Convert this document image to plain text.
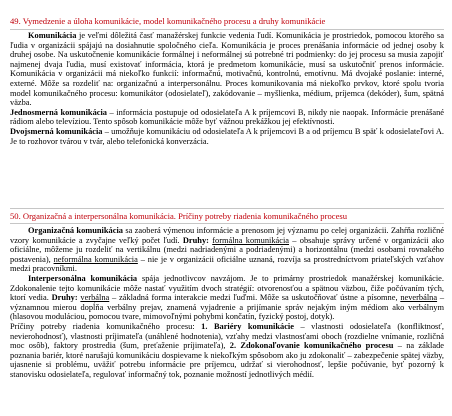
49. Vymedzenie a úloha komunikácie, model komunikačného procesu a druhy komunikácie

Komunikácia je veľmi dôležitá časť manažérskej funkcie vedenia ľudí. Komunikácia je prostriedok, pomocou ktorého sa ľudia v organizácii spájajú na dosiahnutie spoločného cieľa. Komunikácia je proces prenášania informácie od jednej osoby k druhej osobe. Na uskutočnenie komunikácie formálnej i neformálnej sú potrebné tri podmienky: do jej procesu sa musia zapojiť najmenej dvaja ľudia, musí existovať informácia, ktorá je predmetom komunikácie, musí sa uskutočniť prenos informácie. Komunikácia v organizácii má niekoľko funkcií: informačnú, motivačnú, kontrolnú, emotívnu. Má dvojaké poslanie: interné, externé. Môže sa rozdeliť na: organizačnú a interpersonálnu. Proces komunikovania má niekoľko prvkov, ktoré spolu tvoria model komunikačného procesu: komunikátor (odosielateľ), zakódovanie – myšlienka, médium, príjemca (dekóder), šum, spätná väzba.

Jednosmerná komunikácia – informácia postupuje od odosielateľa A k príjemcovi B, nikdy nie naopak. Informácie prenášané rádiom alebo televíziou. Tento spôsob komunikácie môže byť vážnou prekážkou jej efektívnosti.

Dvojsmerná komunikácia – umožňuje komunikáciu od odosielateľa A k príjemcovi B a od príjemcu B späť k odosielateľovi A. Je to rozhovor tvárou v tvár, alebo telefonická konverzácia.

50. Organizačná a interpersonálna komunikácia. Príčiny potreby riadenia komunikačného procesu

Organizačná komunikácia sa zaoberá výmenou informácie a prenosom jej významu po celej organizácii. Zahŕňa rozličné vzory komunikácie a zvyčajne veľký počet ľudí. Druhy: formálna komunikácia – obsahuje správy určené v organizácii ako oficiálne, môžeme ju rozdeliť na vertikálnu (medzi nadriadenými a podriadenými) a horizontálnu (medzi osobami rovnakého postavenia), neformálna komunikácia – nie je v organizácii oficiálne uznaná, rozvíja sa prostredníctvom priateľských vzťahov medzi pracovníkmi.

Interpersonálna komunikácia spája jednotlivcov navzájom. Je to primárny prostriedok manažérskej komunikácie. Zdokonalenie tejto komunikácie môže nastať využitím dvoch stratégií: otvorenosťou a spätnou väzbou, čiže počúvaním tých, ktorí vedia. Druhy: verbálna – základná forma interakcie medzi ľuďmi. Môže sa uskutočňovať ústne a písomne, neverbálna – významnou mierou dopĺňa verbálny prejav, znamená vyjadrenie a prijímanie správ nejakým iným médiom ako verbálnym (hlasovou moduláciou, pomocou tvare, mimovoľnými pohybmi končatín, fyzický postoj, dotyk).

Príčiny potreby riadenia komunikačného procesu: 1. Bariéry komunikácie – vlastnosti odosielateľa (konfliktnosť, nevierohodnosť), vlastnosti príjimateľa (unáhlené hodnotenia), vzťahy medzi vlastnosťami oboch (rozdielne vnímanie, rozličná moc osôb), faktory prostredia (šum, preťaženie príjimateľa), 2. Zdokonaľovanie komunikačného procesu – na základe poznania bariér, ktoré narušajú komunikáciu dospievame k niekoľkým spôsobom ako ju zdokonaliť – zabezpečenie spätej väzby, ujasnenie si problému, uväžiť potrebu informácie pre príjemcu, udržať si vierohodnosť, lepšie počúvanie, byť pozorný k stanovisku odosielateľa, regulovať informačný tok, poznanie možností jednotlivých médií.
